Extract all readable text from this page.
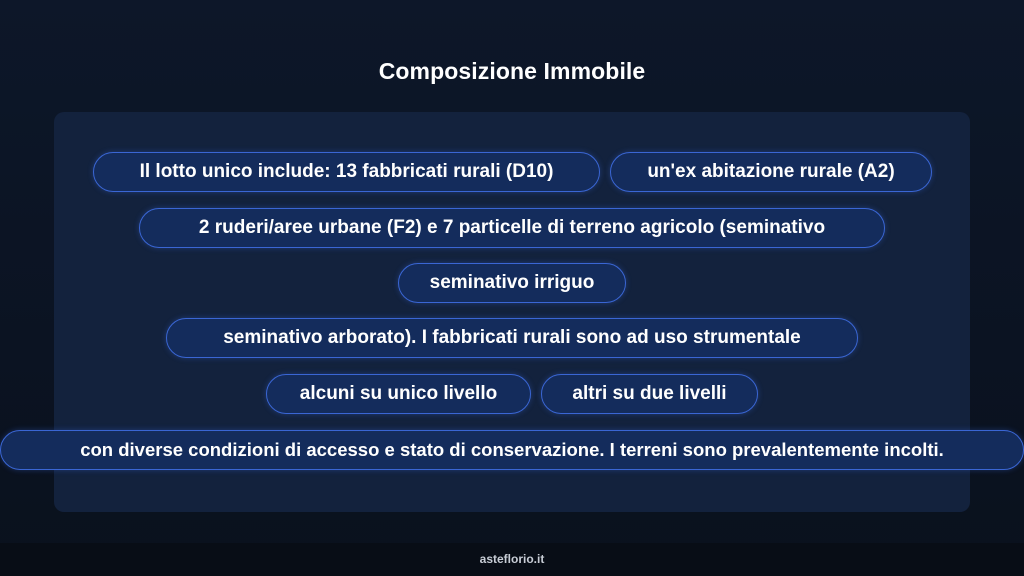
Composizione Immobile
Il lotto unico include: 13 fabbricati rurali (D10)	un'ex abitazione rurale (A2)
2 ruderi/aree urbane (F2) e 7 particelle di terreno agricolo (seminativo
seminativo irriguo
seminativo arborato). I fabbricati rurali sono ad uso strumentale
alcuni su unico livello	altri su due livelli
con diverse condizioni di accesso e stato di conservazione. I terreni sono prevalentemente incolti.
asteflorio.it
